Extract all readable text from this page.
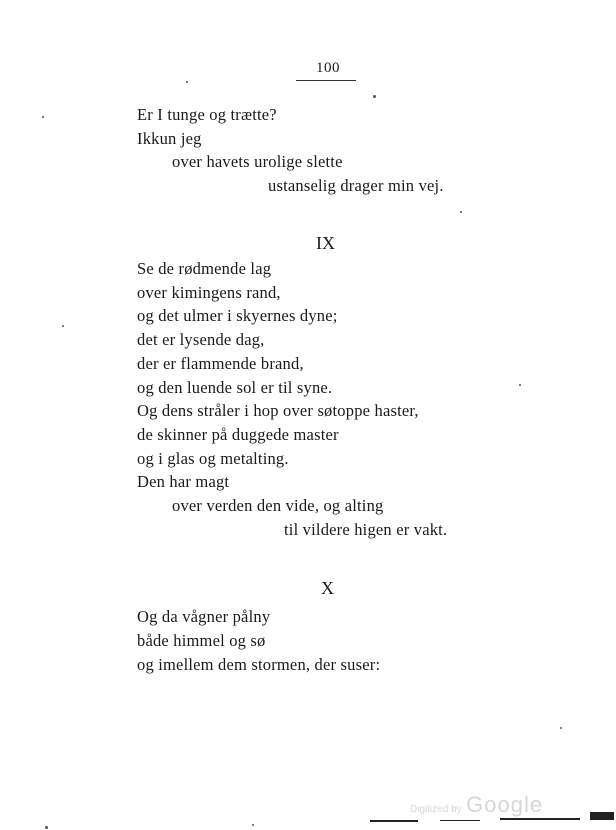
100
Er I tunge og trætte?
Ikkun jeg
over havets urolige slette
ustanselig drager min vej.
IX
Se de rødmende lag
over kimingens rand,
og det ulmer i skyernes dyne;
det er lysende dag,
der er flammende brand,
og den luende sol er til syne.
Og dens stråler i hop over søtoppe haster,
de skinner på duggede master
og i glas og metalting.
Den har magt
over verden den vide, og alting
til vildere higen er vakt.
X
Og da vågner pålny
både himmel og sø
og imellem dem stormen, der suser:
Digitized by Google
